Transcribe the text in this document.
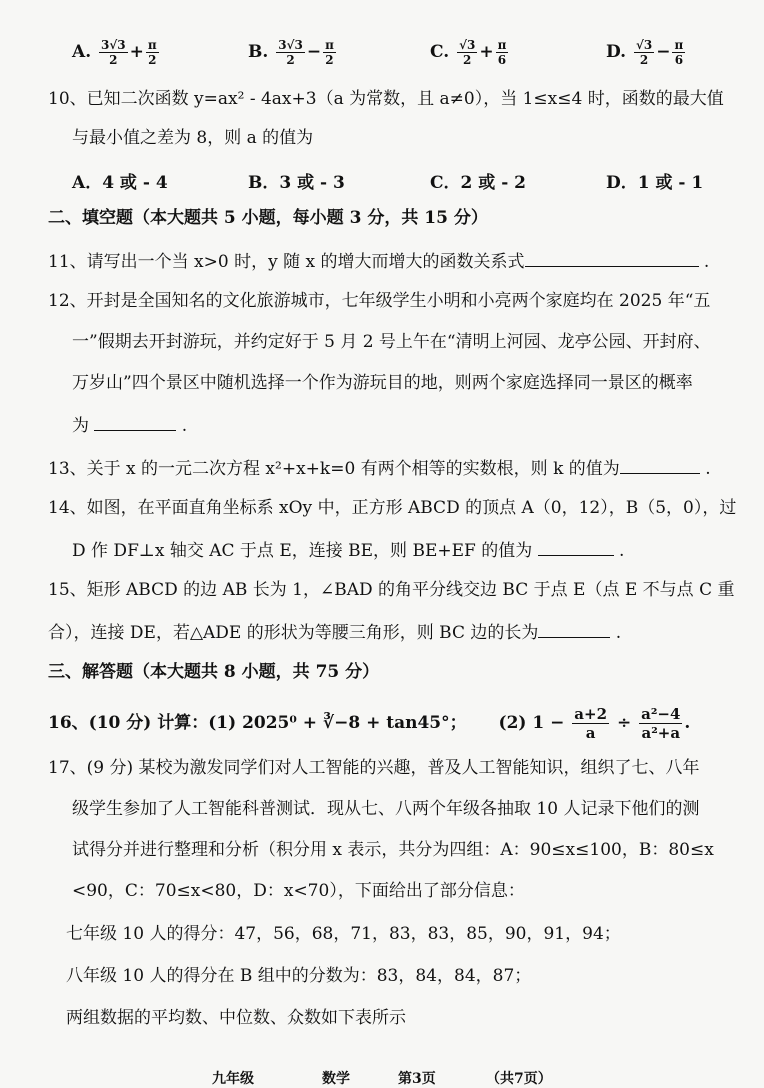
A. $\frac{3√3}{2} + \frac{\pi}{2}$	B. $\frac{3√3}{2} - \frac{\pi}{2}$	C. $\frac{√3}{2} + \frac{\pi}{6}$	D. $\frac{√3}{2} - \frac{\pi}{6}$
10、已知二次函数 y=ax² - 4ax+3（a 为常数，且 a≠0），当 1≤x≤4 时，函数的最大值
与最小值之差为 8，则 a 的值为
A．4 或 - 4	B．3 或 - 3	C．2 或 - 2	D．1 或 - 1
二、填空题（本大题共 5 小题，每小题 3 分，共 15 分）
11、请写出一个当 x>0 时，y 随 x 的增大而增大的函数关系式	.
12、开封是全国知名的文化旅游城市，七年级学生小明和小亮两个家庭均在 2025 年“五
一”假期去开封游玩，并约定好于 5 月 2 号上午在“清明上河园、龙亭公园、开封府、
万岁山”四个景区中随机选择一个作为游玩目的地，则两个家庭选择同一景区的概率
为	.
13、关于 x 的一元二次方程 x²+x+k=0 有两个相等的实数根，则 k 的值为	.
14、如图，在平面直角坐标系 xOy 中，正方形 ABCD 的顶点 A（0，12），B（5，0），过
D 作 DF⊥x 轴交 AC 于点 E，连接 BE，则 BE+EF 的值为	.
15、矩形 ABCD 的边 AB 长为 1，∠BAD 的角平分线交边 BC 于点 E（点 E 不与点 C 重
合），连接 DE，若△ADE 的形状为等腰三角形，则 BC 边的长为	.
三、解答题（本大题共 8 小题，共 75 分）
16、(10 分) 计算：(1) 2025⁰ + ∛−8 + tan45°； (2) $1 - \frac{a+2}{a} \div \frac{\text{a²−4}}{\text{a²+a}}$ .
17、(9 分) 某校为激发同学们对人工智能的兴趣，普及人工智能知识，组织了七、八年
级学生参加了人工智能科普测试．现从七、八两个年级各抽取 10 人记录下他们的测
试得分并进行整理和分析（积分用 x 表示，共分为四组：A：90≤x≤100，B：80≤x
<90，C：70≤x<80，D：x<70），下面给出了部分信息：
七年级 10 人的得分：47，56，68，71，83，83，85，90，91，94；
八年级 10 人的得分在 B 组中的分数为：83，84，84，87；
两组数据的平均数、中位数、众数如下表所示
九年级	数学	第3页	（共7页）
